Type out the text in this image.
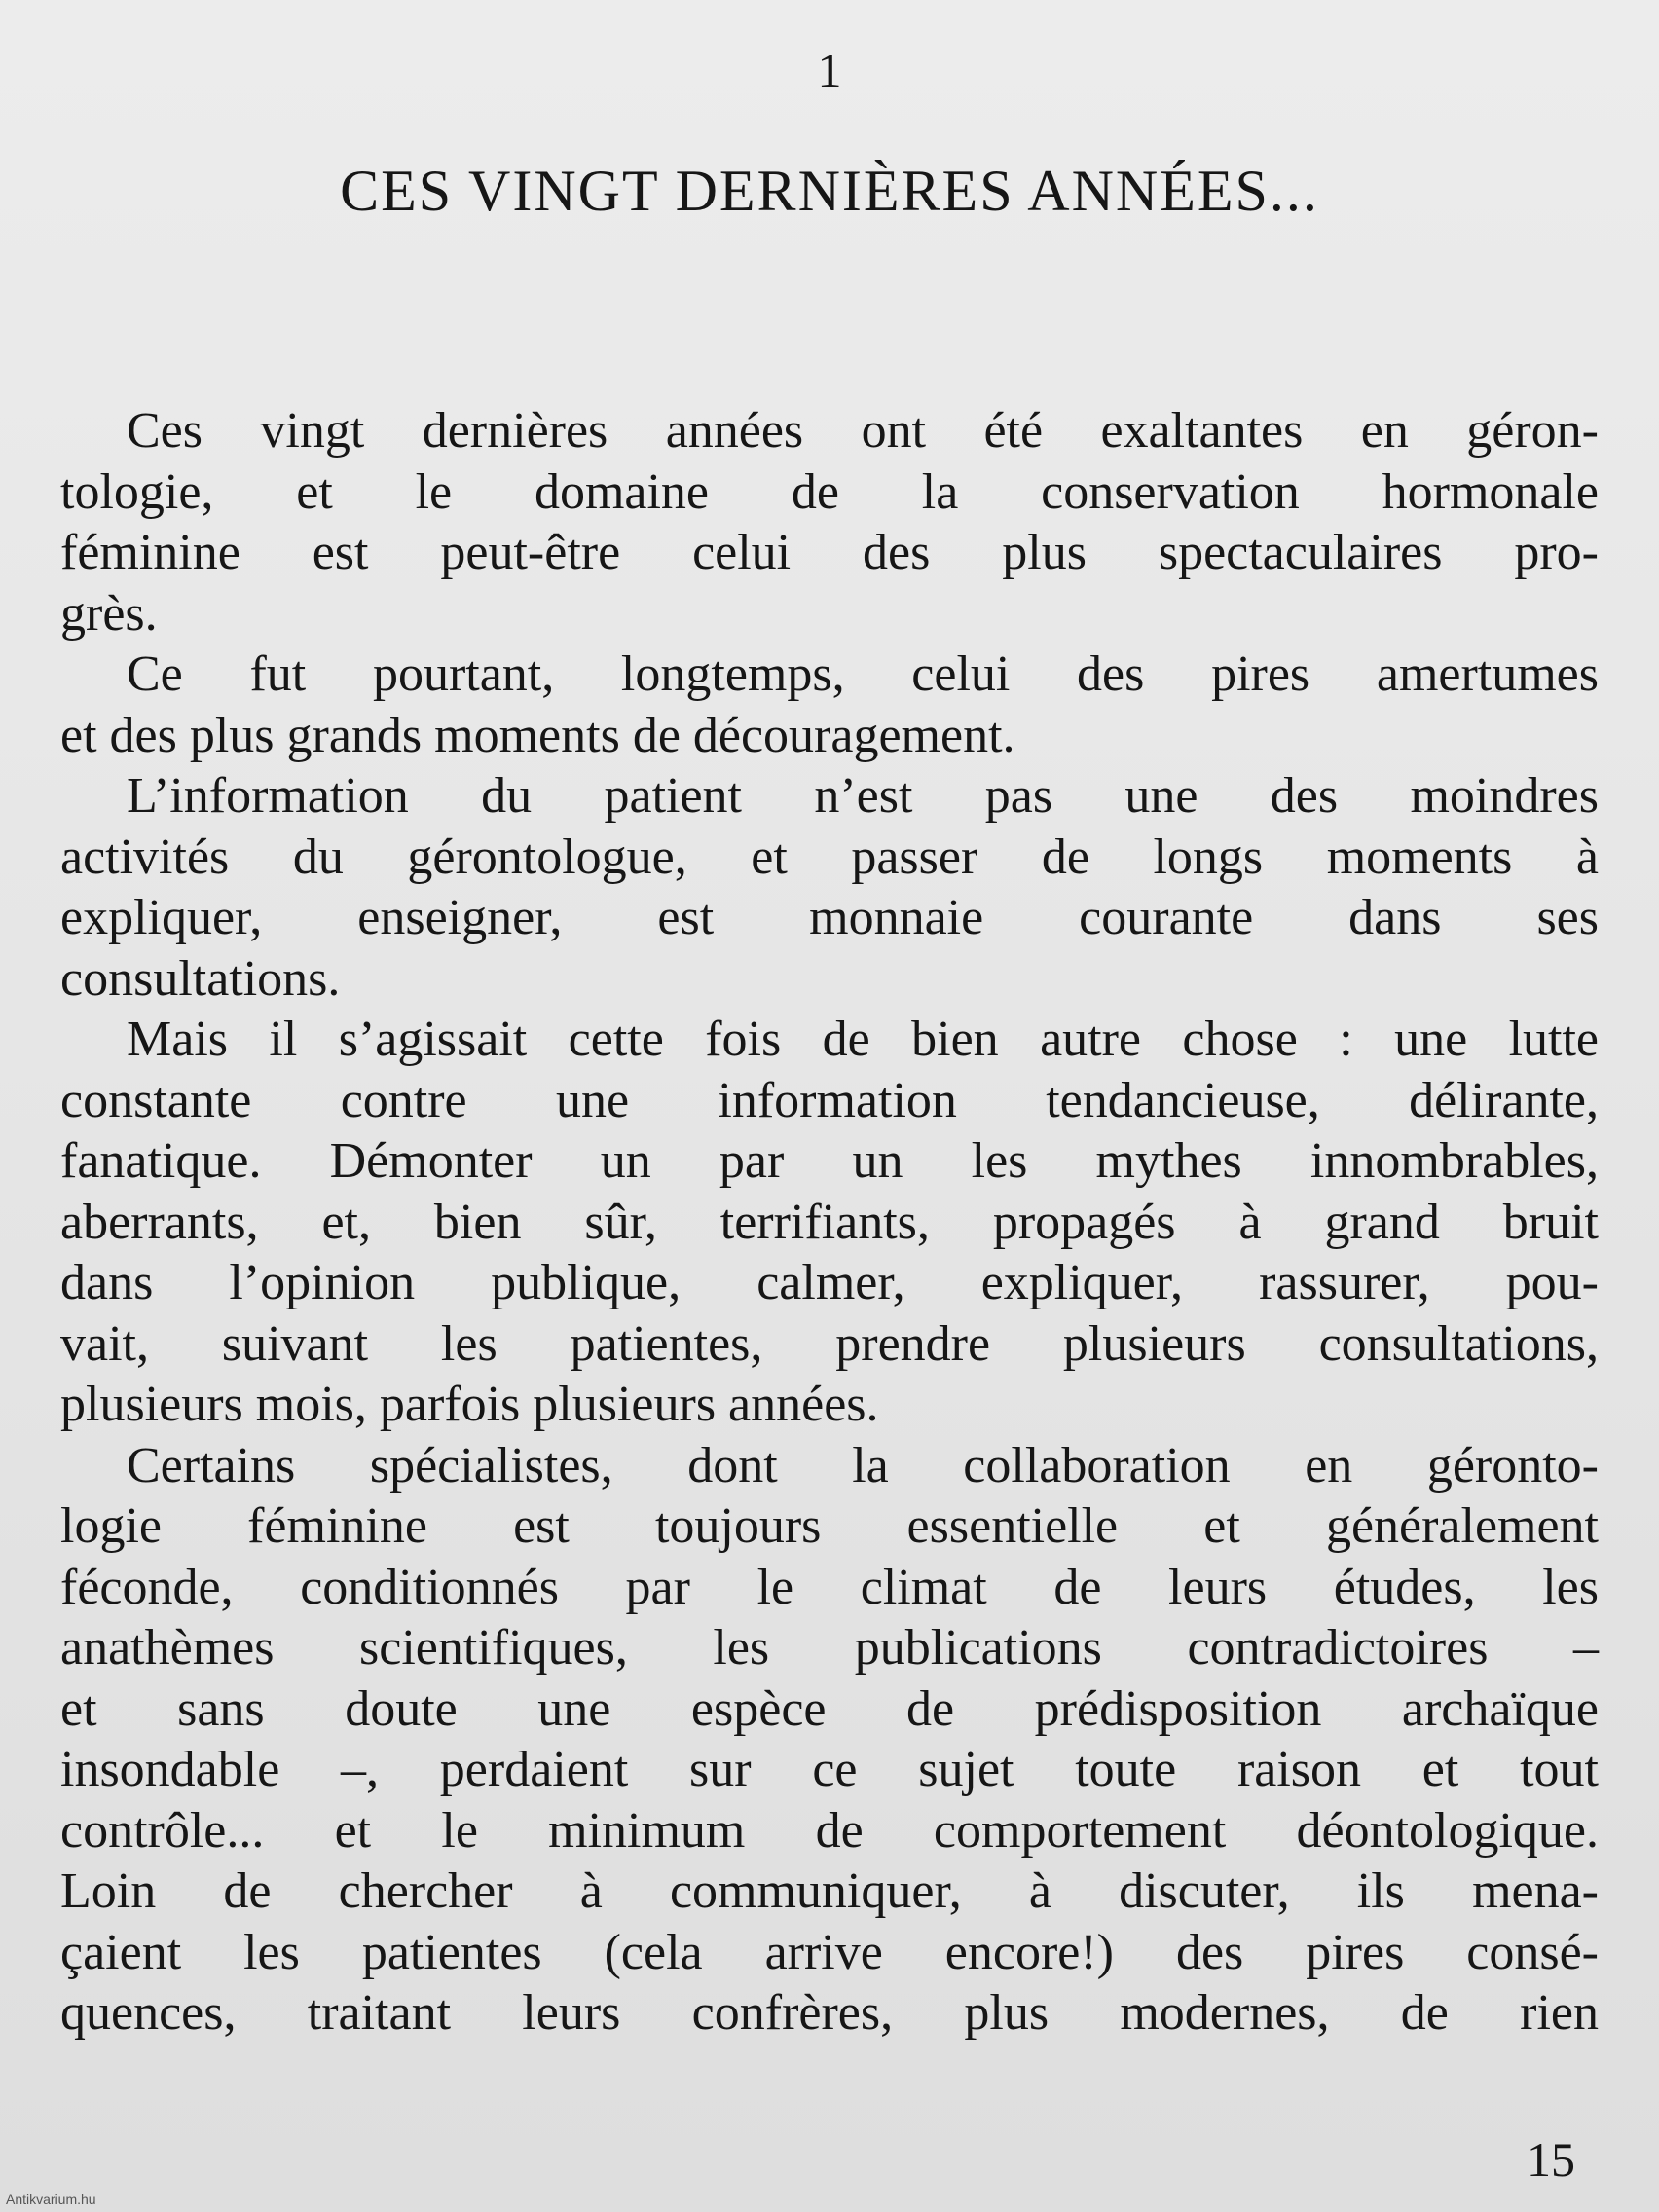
1
CES VINGT DERNIÈRES ANNÉES...
Ces vingt dernières années ont été exaltantes en géron-
tologie, et le domaine de la conservation hormonale
féminine est peut-être celui des plus spectaculaires pro-
grès.
Ce fut pourtant, longtemps, celui des pires amertumes
et des plus grands moments de découragement.
L’information du patient n’est pas une des moindres
activités du gérontologue, et passer de longs moments à
expliquer, enseigner, est monnaie courante dans ses
consultations.
Mais il s’agissait cette fois de bien autre chose : une lutte
constante contre une information tendancieuse, délirante,
fanatique. Démonter un par un les mythes innombrables,
aberrants, et, bien sûr, terrifiants, propagés à grand bruit
dans l’opinion publique, calmer, expliquer, rassurer, pou-
vait, suivant les patientes, prendre plusieurs consultations,
plusieurs mois, parfois plusieurs années.
Certains spécialistes, dont la collaboration en géronto-
logie féminine est toujours essentielle et généralement
féconde, conditionnés par le climat de leurs études, les
anathèmes scientifiques, les publications contradictoires –
et sans doute une espèce de prédisposition archaïque
insondable –, perdaient sur ce sujet toute raison et tout
contrôle... et le minimum de comportement déontologique.
Loin de chercher à communiquer, à discuter, ils mena-
çaient les patientes (cela arrive encore!) des pires consé-
quences, traitant leurs confrères, plus modernes, de rien
15
Antikvarium.hu
